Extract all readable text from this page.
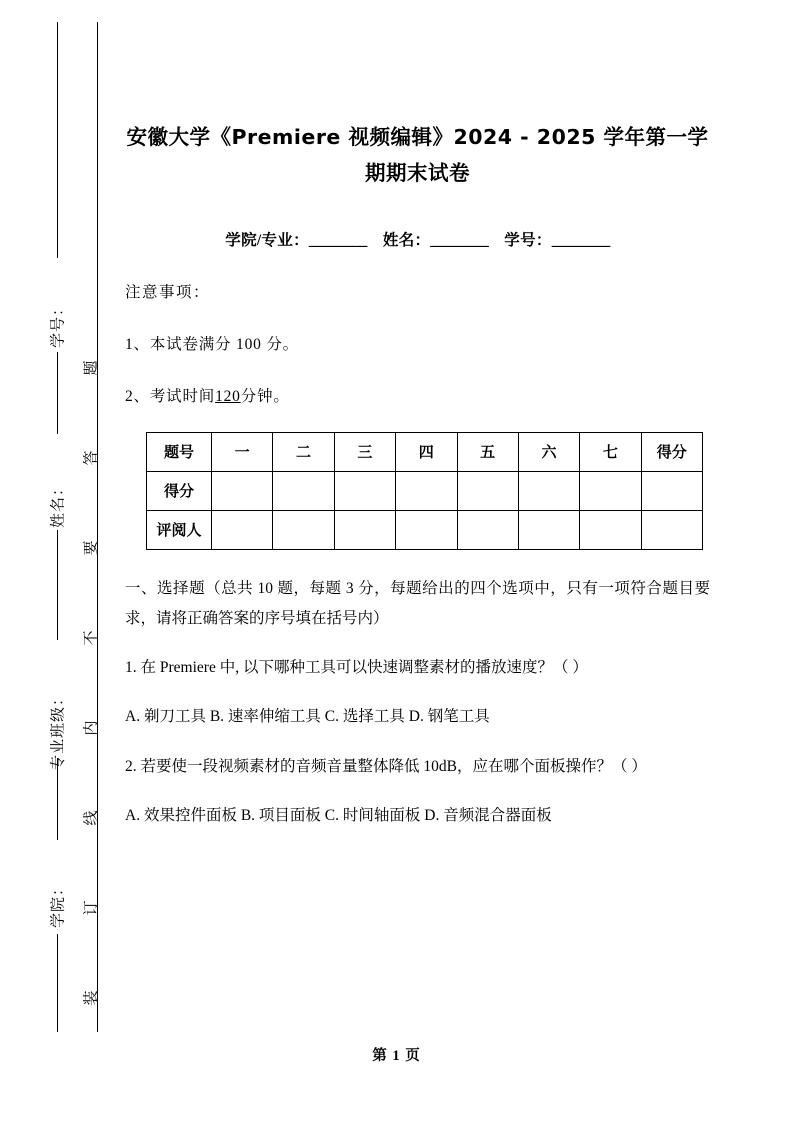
学号：
姓名：
专业班级：
学院：
题
答
要
不
内
线
订
装
安徽大学《Premiere 视频编辑》2024 - 2025 学年第一学期期末试卷

学院/专业：________ 姓名：________ 学号：________

注意事项：

1、本试卷满分 100 分。

2、考试时间120分钟。

题号	一	二	三	四	五	六	七	得分
得分								
评阅人								

一、选择题（总共 10 题，每题 3 分，每题给出的四个选项中，只有一项符合题目要求，请将正确答案的序号填在括号内）

1. 在 Premiere 中, 以下哪种工具可以快速调整素材的播放速度？（ ）

A. 剃刀工具 B. 速率伸缩工具 C. 选择工具 D. 钢笔工具

2. 若要使一段视频素材的音频音量整体降低 10dB，应在哪个面板操作？（ ）

A. 效果控件面板 B. 项目面板 C. 时间轴面板 D. 音频混合器面板

第 1 页
